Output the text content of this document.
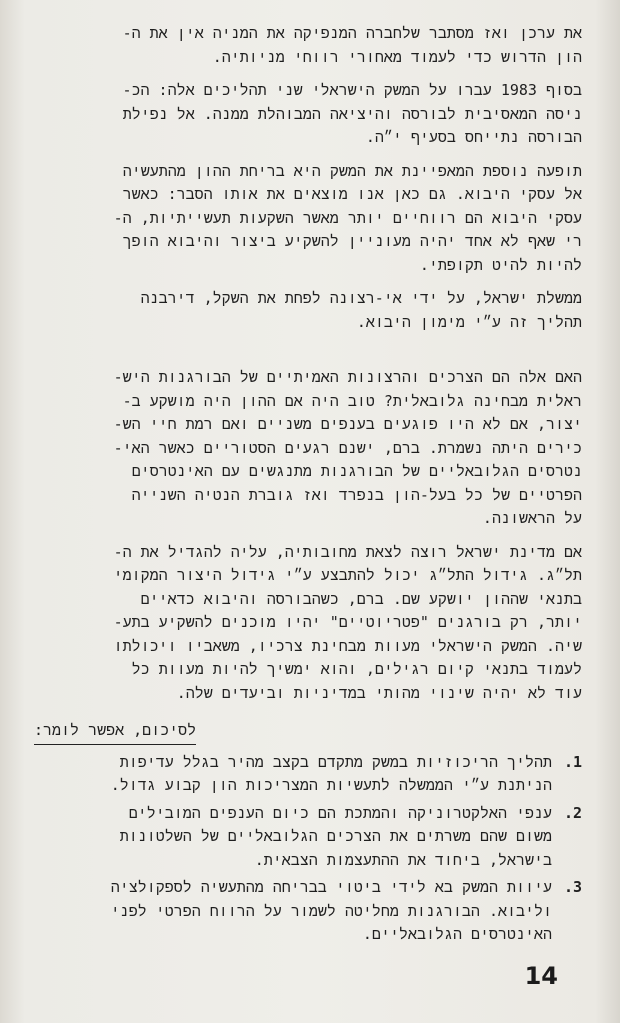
את ערכן ואז מסתבר שלחברה המנפיקה את המניה אין את ה-
הון הדרוש כדי לעמוד מאחורי רווחי מניותיה.
בסוף 1983 עברו על המשק הישראלי שני תהליכים אלה: הכ-
ניסה המאסיבית לבורסה והיציאה המבוהלת ממנה. אל נפילת
הבורסה נתייחס בסעיף י״ה.
תופעה נוספת המאפיינת את המשק היא בריחת ההון מהתעשיה
אל עסקי היבוא. גם כאן אנו מוצאים את אותו הסבר: כאשר
עסקי היבוא הם רווחיים יותר מאשר השקעות תעשייתיות, ה-
רי שאף לא אחד יהיה מעוניין להשקיע ביצור והיבוא הופך
להיות להיט תקופתי.
ממשלת ישראל, על ידי אי-רצונה לפחת את השקל, דירבנה
תהליך זה ע״י מימון היבוא.
האם אלה הם הצרכים והרצונות האמיתיים של הבורגנות היש-
ראלית מבחינה גלובאלית? טוב היה אם ההון היה מושקע ב-
יצור, אם לא היו פוגעים בענפים משניים ואם רמת חיי הש-
כירים היתה נשמרת. ברם, ישנם רגעים הסטוריים כאשר האי-
נטרסים הגלובאליים של הבורגנות מתנגשים עם האינטרסים
הפרטיים של כל בעל-הון בנפרד ואז גוברת הנטיה השנייה
על הראשונה.
אם מדינת ישראל רוצה לצאת מחובותיה, עליה להגדיל את ה-
תל״ג. גידול התל״ג יכול להתבצע ע״י גידול היצור המקומי
בתנאי שההון יושקע שם. ברם, כשהבורסה והיבוא כדאיים
יותר, רק בורגנים "פטריוטיים" יהיו מוכנים להשקיע בתע-
שיה. המשק הישראלי מעוות מבחינת צרכיו, משאביו ויכולתו
לעמוד בתנאי קיום רגילים, והוא ימשיך להיות מעוות כל
עוד לא יהיה שינוי מהותי במדיניות וביעדים שלה.
לסיכום, אפשר לומר:
1.
תהליך הריכוזיות במשק מתקדם בקצב מהיר בגלל עדיפות
הניתנת ע״י הממשלה לתעשיות המצריכות הון קבוע גדול.
2.
ענפי האלקטרוניקה והמתכת הם כיום הענפים המובילים
משום שהם משרתים את הצרכים הגלובאליים של השלטונות
בישראל, ביחוד את ההתעצמות הצבאית.
3.
עיוות המשק בא לידי ביטוי בבריחה מהתעשיה לספקולציה
וליבוא. הבורגנות מחליטה לשמור על הרווח הפרטי לפני
האינטרסים הגלובאליים.
14
